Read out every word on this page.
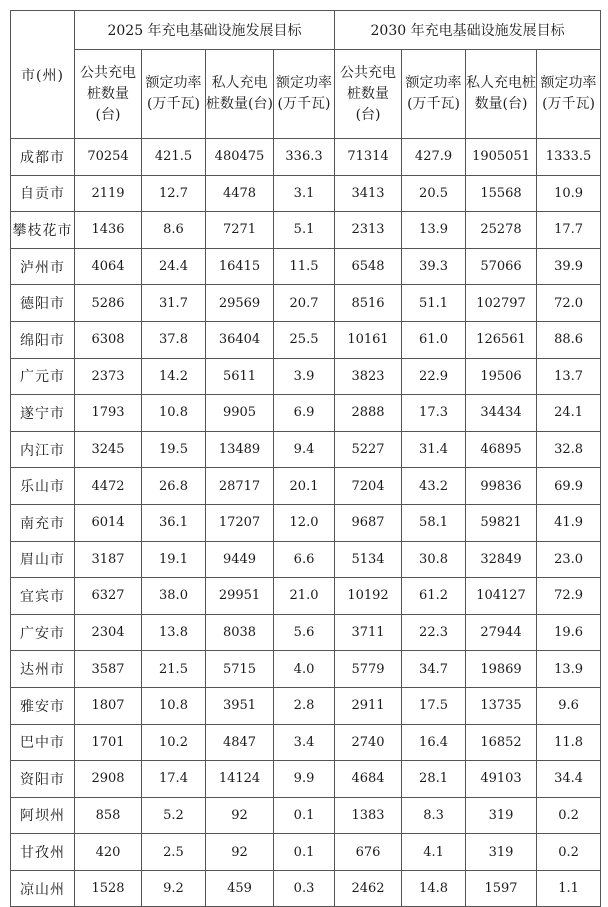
市(州)	2025 年充电基础设施发展目标				2030 年充电基础设施发展目标			
	公共充电桩数量(台)	额定功率(万千瓦)	私人充电桩数量(台)	额定功率(万千瓦)	公共充电桩数量(台)	额定功率(万千瓦)	私人充电桩数量(台)	额定功率(万千瓦)
成都市	70254	421.5	480475	336.3	71314	427.9	1905051	1333.5
自贡市	2119	12.7	4478	3.1	3413	20.5	15568	10.9
攀枝花市	1436	8.6	7271	5.1	2313	13.9	25278	17.7
泸州市	4064	24.4	16415	11.5	6548	39.3	57066	39.9
德阳市	5286	31.7	29569	20.7	8516	51.1	102797	72.0
绵阳市	6308	37.8	36404	25.5	10161	61.0	126561	88.6
广元市	2373	14.2	5611	3.9	3823	22.9	19506	13.7
遂宁市	1793	10.8	9905	6.9	2888	17.3	34434	24.1
内江市	3245	19.5	13489	9.4	5227	31.4	46895	32.8
乐山市	4472	26.8	28717	20.1	7204	43.2	99836	69.9
南充市	6014	36.1	17207	12.0	9687	58.1	59821	41.9
眉山市	3187	19.1	9449	6.6	5134	30.8	32849	23.0
宜宾市	6327	38.0	29951	21.0	10192	61.2	104127	72.9
广安市	2304	13.8	8038	5.6	3711	22.3	27944	19.6
达州市	3587	21.5	5715	4.0	5779	34.7	19869	13.9
雅安市	1807	10.8	3951	2.8	2911	17.5	13735	9.6
巴中市	1701	10.2	4847	3.4	2740	16.4	16852	11.8
资阳市	2908	17.4	14124	9.9	4684	28.1	49103	34.4
阿坝州	858	5.2	92	0.1	1383	8.3	319	0.2
甘孜州	420	2.5	92	0.1	676	4.1	319	0.2
凉山州	1528	9.2	459	0.3	2462	14.8	1597	1.1
